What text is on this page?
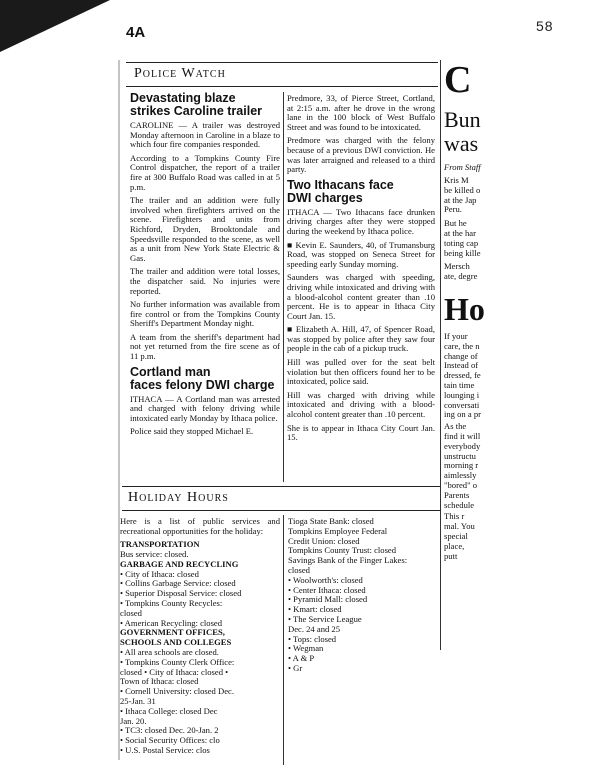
58
4A
Police Watch
Devastating blaze
strikes Caroline trailer

CAROLINE — A trailer was destroyed Monday afternoon in Caroline in a blaze to which four fire companies responded.

According to a Tompkins County Fire Control dispatcher, the report of a trailer fire at 300 Buffalo Road was called in at 5 p.m.

The trailer and an addition were fully involved when firefighters arrived on the scene. Firefighters and units from Richford, Dryden, Brooktondale and Speedsville responded to the scene, as well as a unit from New York State Electric & Gas.

The trailer and addition were total losses, the dispatcher said. No injuries were reported.

No further information was available from fire control or from the Tompkins County Sheriff's Department Monday night.

A team from the sheriff's department had not yet returned from the fire scene as of 11 p.m.

Cortland man
faces felony DWI charge

ITHACA — A Cortland man was arrested and charged with felony driving while intoxicated early Monday by Ithaca police.

Police said they stopped Michael E.

Predmore, 33, of Pierce Street, Cortland, at 2:15 a.m. after he drove in the wrong lane in the 100 block of West Buffalo Street and was found to be intoxicated.

Predmore was charged with the felony because of a previous DWI conviction. He was later arraigned and released to a third party.

Two Ithacans face
DWI charges

ITHACA — Two Ithacans face drunken driving charges after they were stopped during the weekend by Ithaca police.

■ Kevin E. Saunders, 40, of Trumansburg Road, was stopped on Seneca Street for speeding early Sunday morning.

Saunders was charged with speeding, driving while intoxicated and driving with a blood-alcohol content greater than .10 percent. He is to appear in Ithaca City Court Jan. 15.

■ Elizabeth A. Hill, 47, of Spencer Road, was stopped by police after they saw four people in the cab of a pickup truck.

Hill was pulled over for the seat belt violation but then officers found her to be intoxicated, police said.

Hill was charged with driving while intoxicated and driving with a blood-alcohol content greater than .10 percent.

She is to appear in Ithaca City Court Jan. 15.

Holiday Hours

Here is a list of public services and recreational opportunities for the holiday:

TRANSPORTATION
Bus service: closed.
GARBAGE AND RECYCLING
• City of Ithaca: closed
• Collins Garbage Service: closed
• Superior Disposal Service: closed
• Tompkins County Recycles:
closed
• American Recycling: closed
GOVERNMENT OFFICES,
SCHOOLS AND COLLEGES
• All area schools are closed.
• Tompkins County Clerk Office:
closed • City of Ithaca: closed •
Town of Ithaca: closed
• Cornell University: closed Dec.
25-Jan. 31
• Ithaca College: closed Dec
Jan. 20.
• TC3: closed Dec. 20-Jan. 2
• Social Security Offices: clo
• U.S. Postal Service: clos
Tioga State Bank: closed
Tompkins Employee Federal
Credit Union: closed
Tompkins County Trust: closed
Savings Bank of the Finger Lakes:
closed
• Woolworth's: closed
• Center Ithaca: closed
• Pyramid Mall: closed
• Kmart: closed
• The Service League
Dec. 24 and 25
• Tops: closed
• Wegman
• A & P
• Gr
C
Bun
was
From Staff
Kris M
be killed o
at the Jap
Peru.
But he
at the har
toting cap
being kille
Mersch
ate, degre
Ho
If your
care, the n
change of
Instead of
dressed, fe
tain time
lounging i
conversati
ing on a pr
As the
find it will
everybody
unstructu
morning r
aimlessly
"bored" o
Parents
schedule
This r
mal. You
special
place,
putt
